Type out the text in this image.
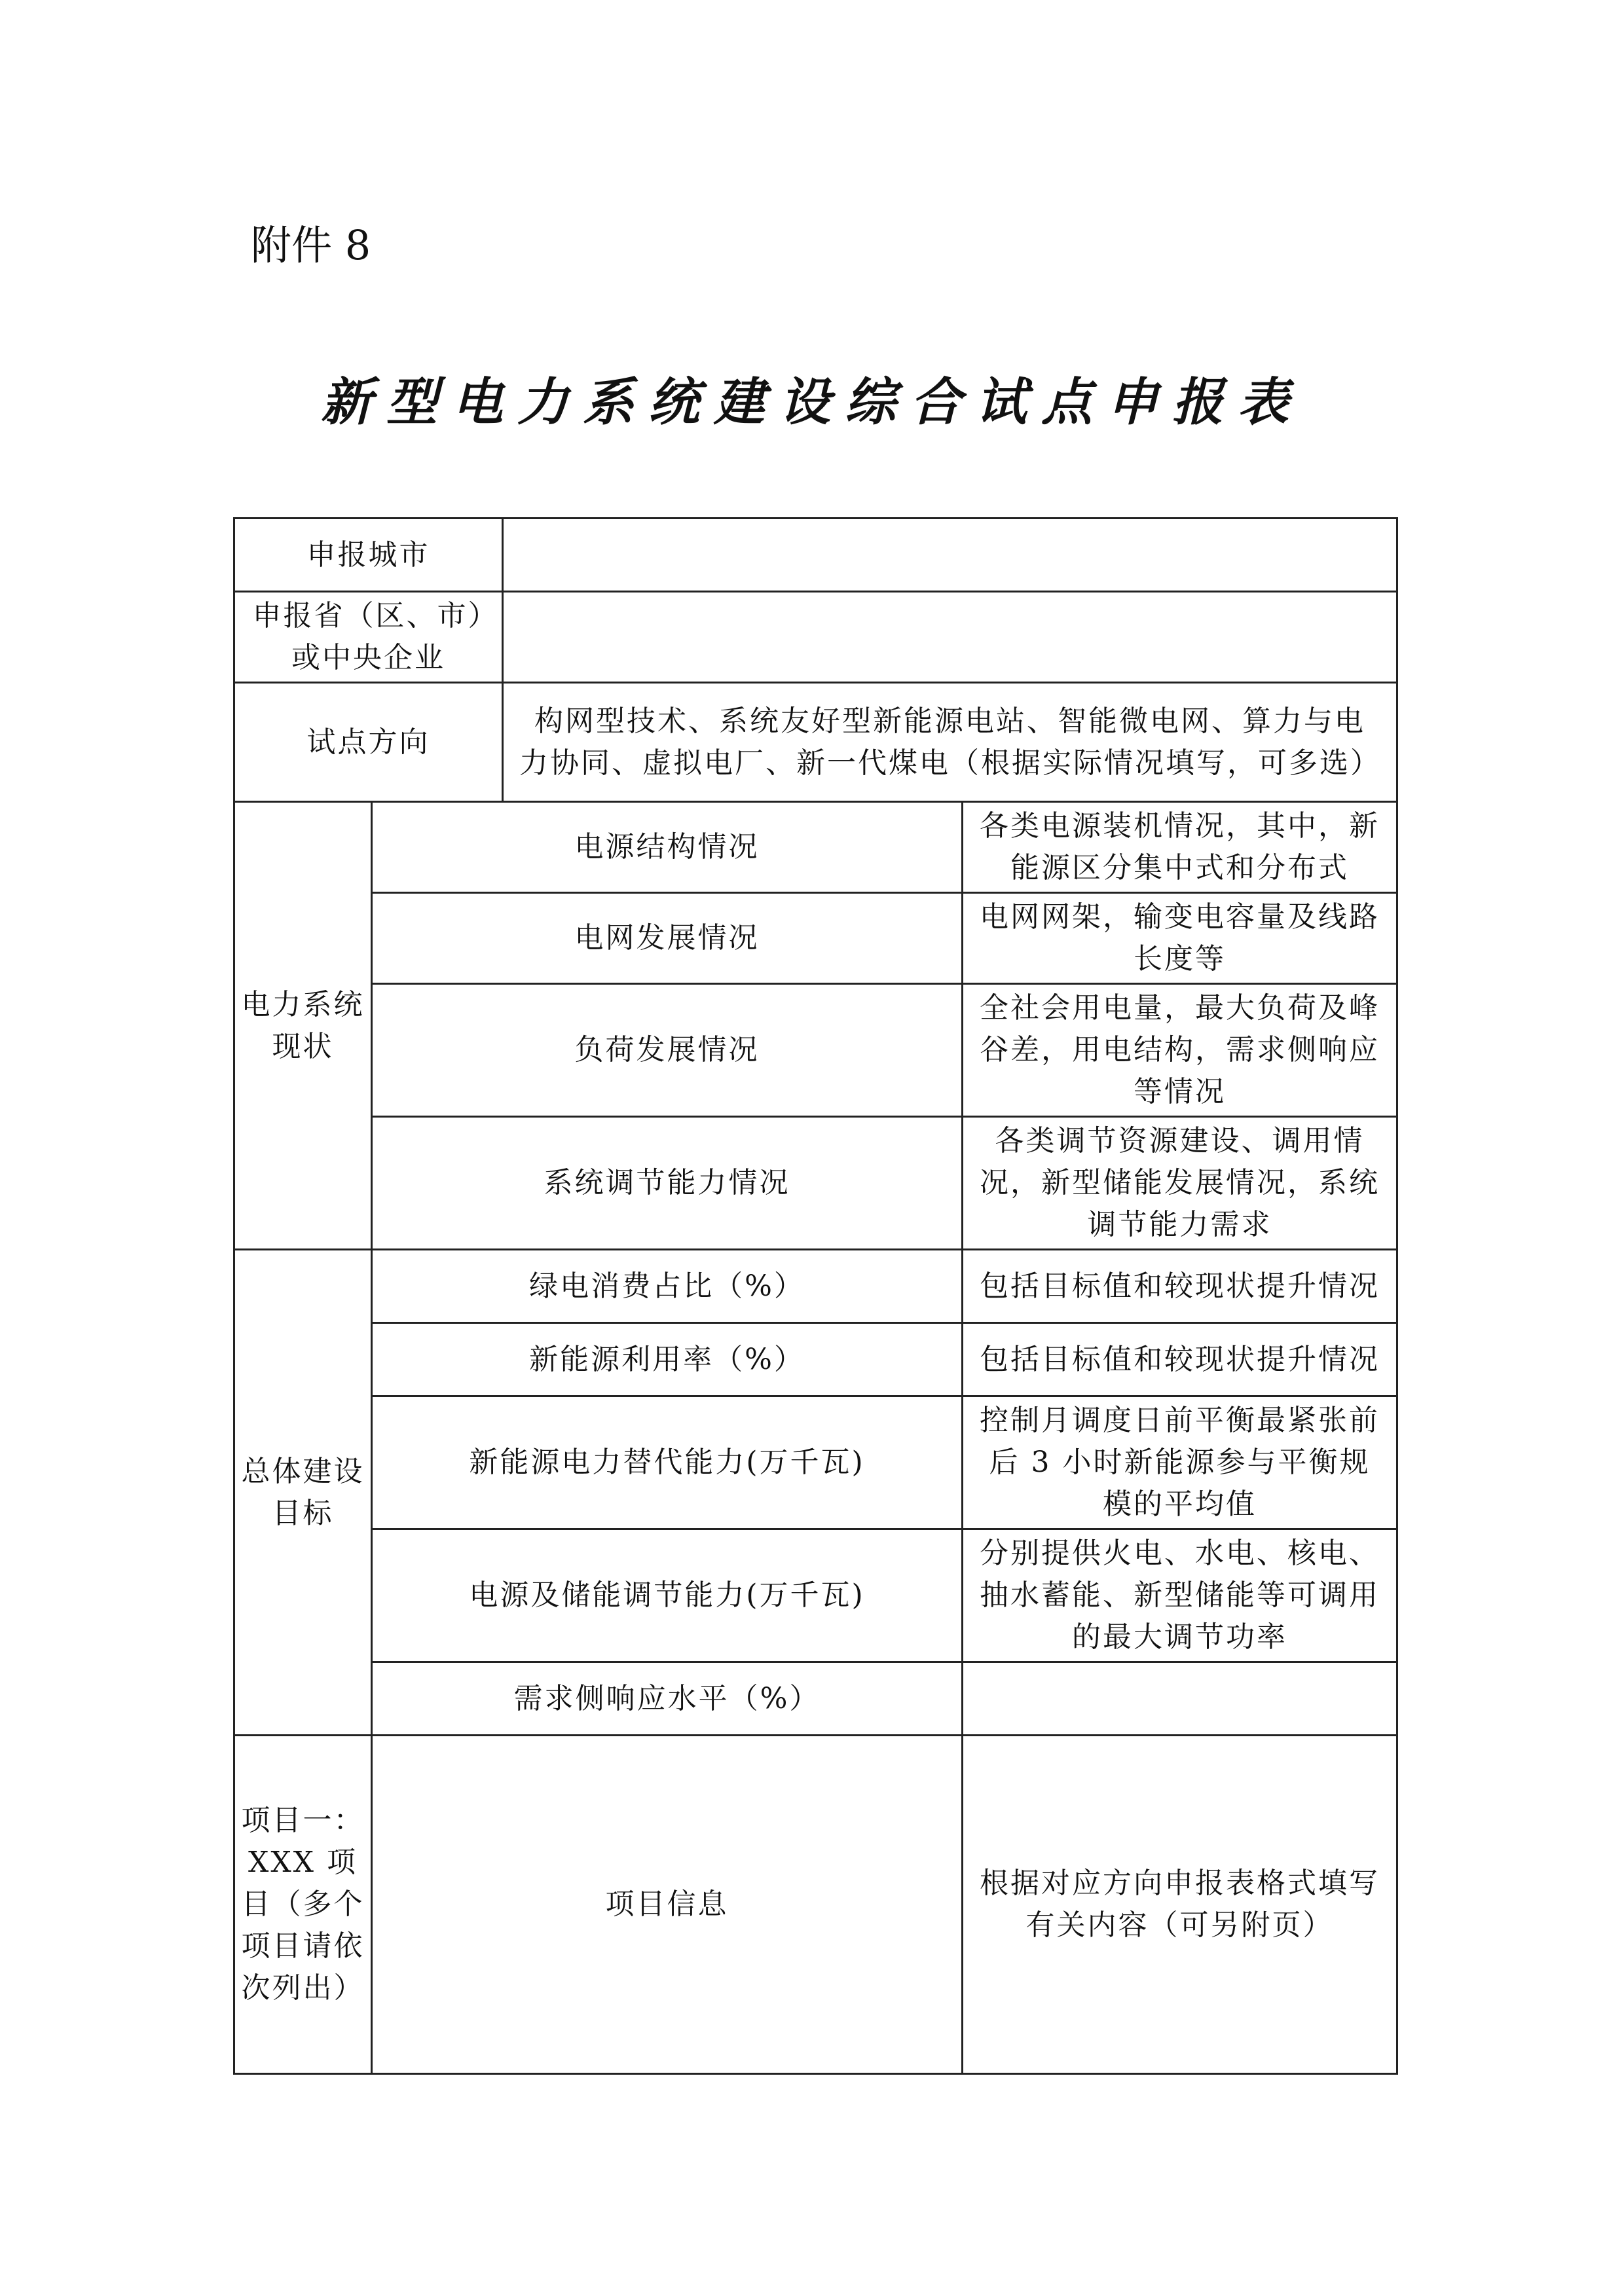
附件 8
新型电力系统建设综合试点申报表
申报城市			
申报省（区、市）或中央企业			
试点方向		构网型技术、系统友好型新能源电站、智能微电网、算力与电力协同、虚拟电厂、新一代煤电（根据实际情况填写，可多选）	
电力系统现状	电源结构情况		各类电源装机情况，其中，新能源区分集中式和分布式
	电网发展情况		电网网架，输变电容量及线路长度等
	负荷发展情况		全社会用电量，最大负荷及峰谷差，用电结构，需求侧响应等情况
	系统调节能力情况		各类调节资源建设、调用情况，新型储能发展情况，系统调节能力需求
总体建设目标	绿电消费占比（%）		包括目标值和较现状提升情况
	新能源利用率（%）		包括目标值和较现状提升情况
	新能源电力替代能力(万千瓦)		控制月调度日前平衡最紧张前后 3 小时新能源参与平衡规模的平均值
	电源及储能调节能力(万千瓦)		分别提供火电、水电、核电、抽水蓄能、新型储能等可调用的最大调节功率
	需求侧响应水平（%）		
项目一：XXX 项目（多个项目请依次列出）	项目信息		根据对应方向申报表格式填写有关内容（可另附页）
